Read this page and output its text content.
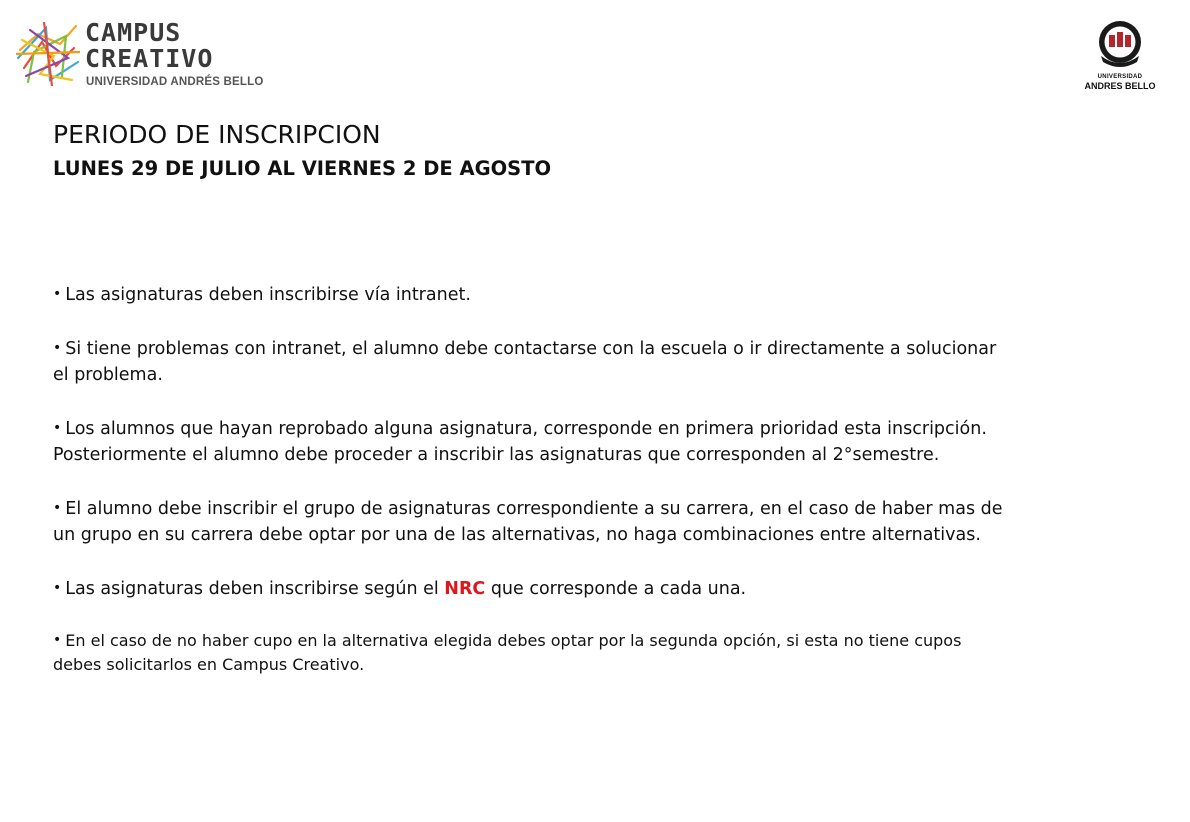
CAMPUS
CREATIVO
UNIVERSIDAD ANDRÉS BELLO	UNIVERSIDAD
ANDRES BELLO
PERIODO DE INSCRIPCION
LUNES 29 DE JULIO AL VIERNES 2 DE AGOSTO
• Las asignaturas deben inscribirse vía intranet.
• Si tiene problemas con intranet, el alumno debe contactarse con la escuela o ir directamente a solucionar el problema.
• Los alumnos que hayan reprobado alguna asignatura, corresponde en primera prioridad esta inscripción. Posteriormente el alumno debe proceder a inscribir las asignaturas que corresponden al 2°semestre.
• El alumno debe inscribir el grupo de asignaturas correspondiente a su carrera, en el caso de haber mas de un grupo en su carrera debe optar por una de las alternativas, no haga combinaciones entre alternativas.
• Las asignaturas deben inscribirse según el NRC que corresponde a cada una.
• En el caso de no haber cupo en la alternativa elegida debes optar por la segunda opción, si esta no tiene cupos debes solicitarlos en Campus Creativo.
